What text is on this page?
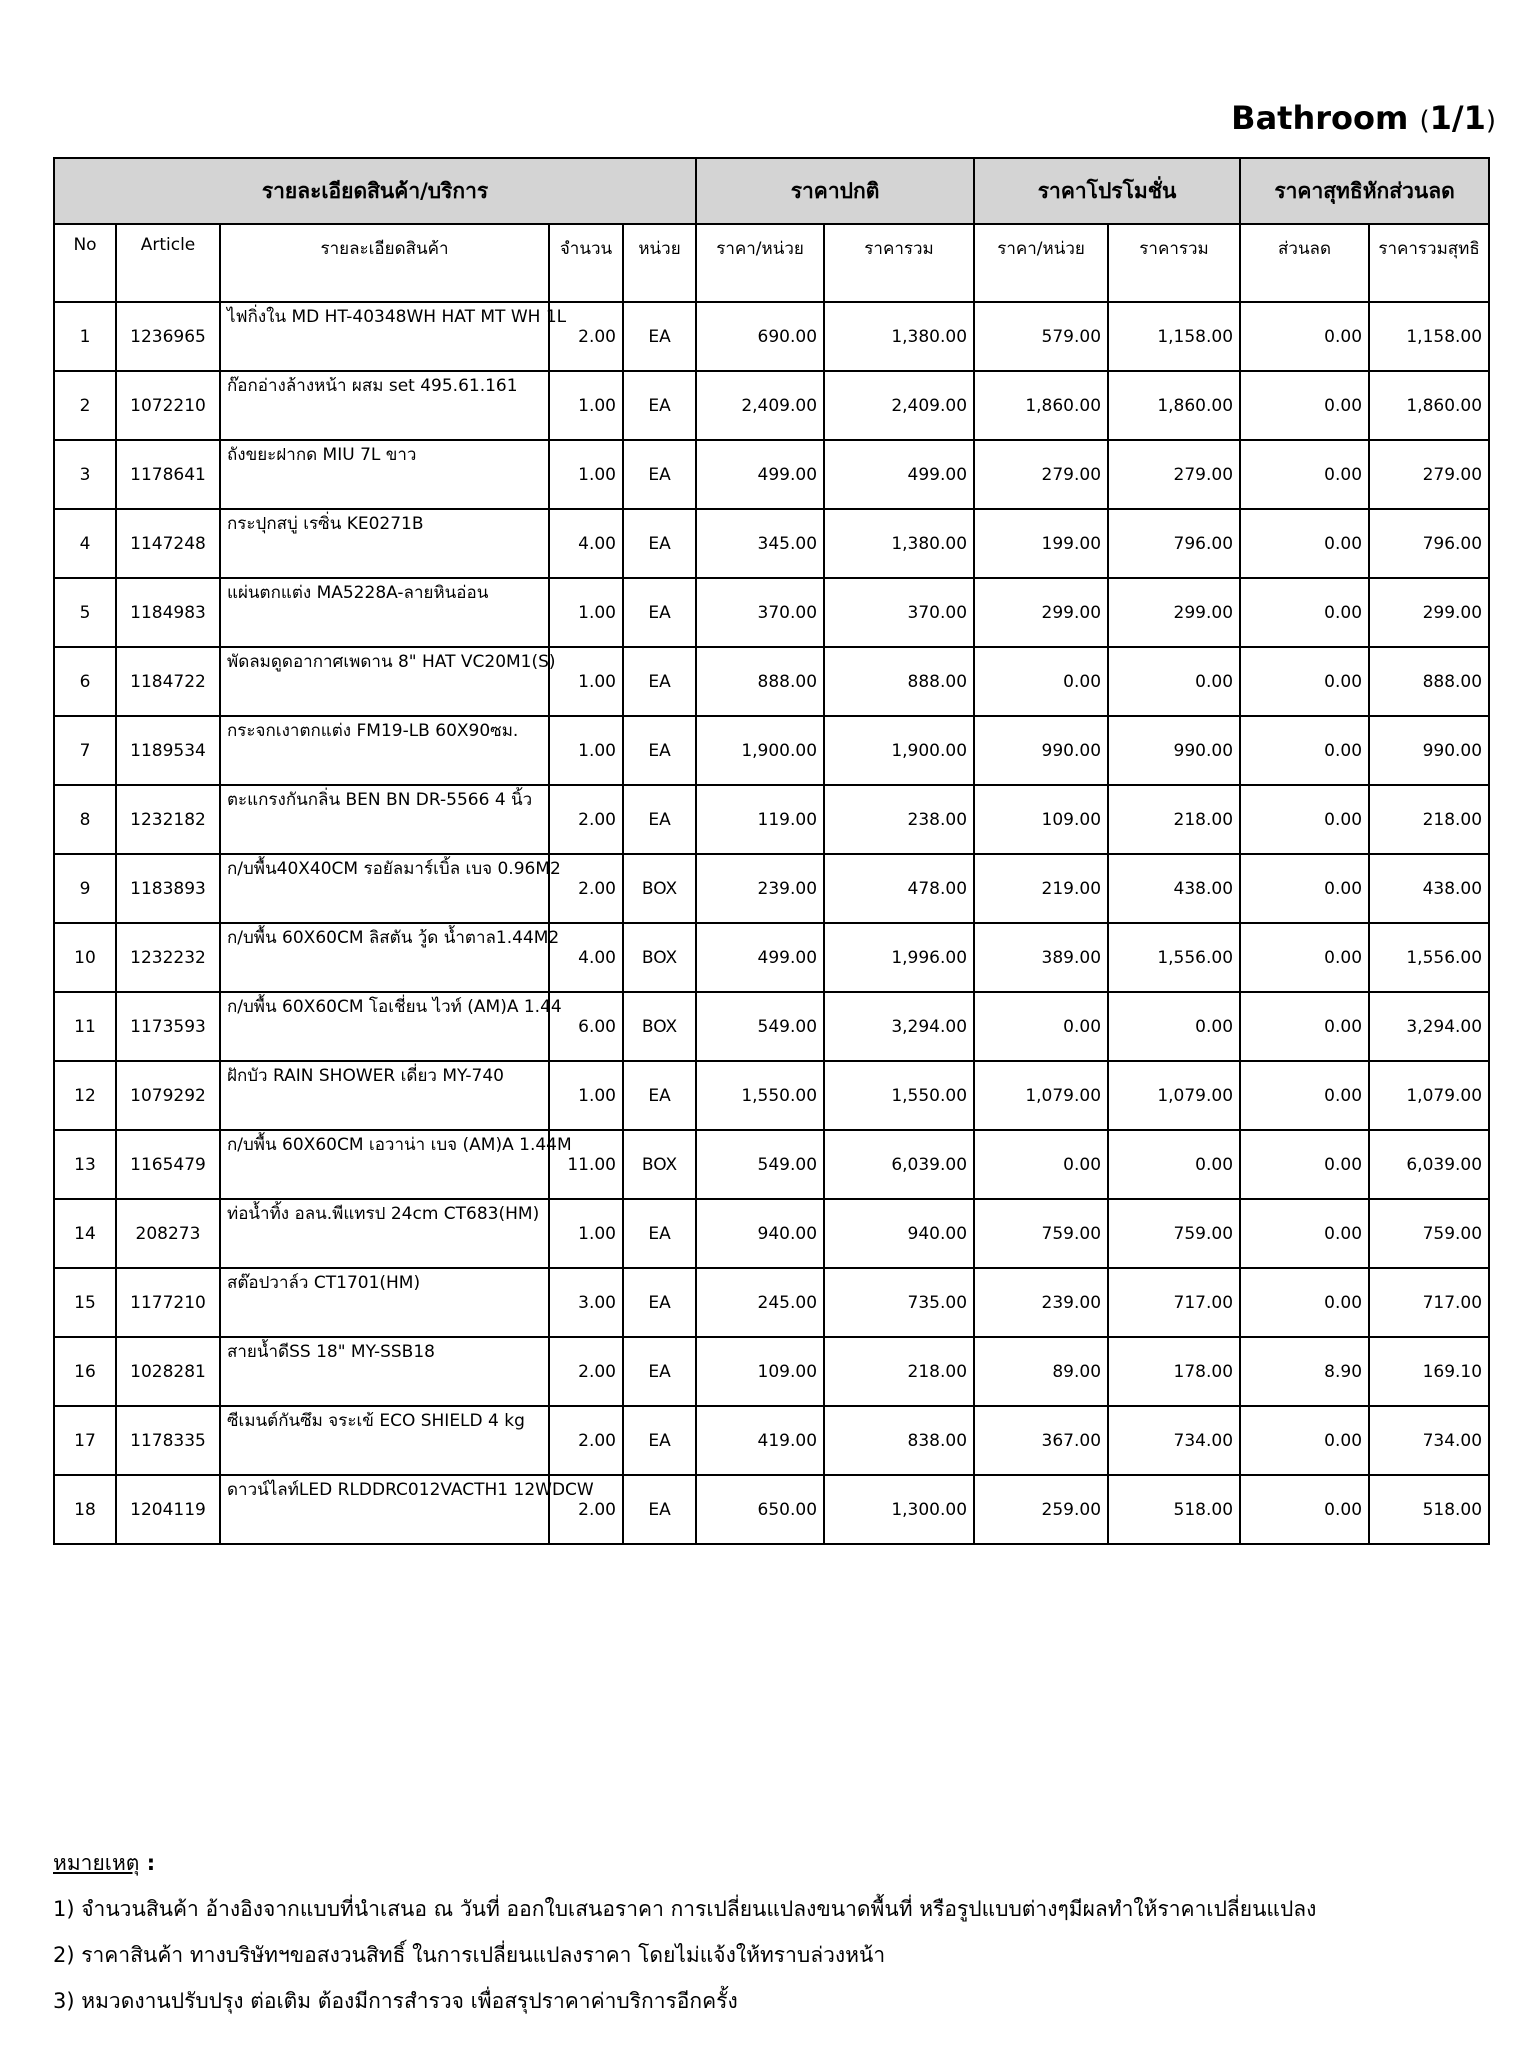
Bathroom (1/1)
รายละเอียดสินค้า/บริการ					ราคาปกติ		ราคาโปรโมชั่น		ราคาสุทธิหักส่วนลด	
No	Article	รายละเอียดสินค้า	จำนวน	หน่วย	ราคา/หน่วย	ราคารวม	ราคา/หน่วย	ราคารวม	ส่วนลด	ราคารวมสุทธิ
1	1236965	ไฟกิ่งใน MD HT-40348WH HAT MT WH 1L	2.00	EA	690.00	1,380.00	579.00	1,158.00	0.00	1,158.00
2	1072210	ก๊อกอ่างล้างหน้า ผสม set 495.61.161	1.00	EA	2,409.00	2,409.00	1,860.00	1,860.00	0.00	1,860.00
3	1178641	ถังขยะฝากด MIU 7L ขาว	1.00	EA	499.00	499.00	279.00	279.00	0.00	279.00
4	1147248	กระปุกสบู่ เรซิ่น KE0271B	4.00	EA	345.00	1,380.00	199.00	796.00	0.00	796.00
5	1184983	แผ่นตกแต่ง MA5228A-ลายหินอ่อน	1.00	EA	370.00	370.00	299.00	299.00	0.00	299.00
6	1184722	พัดลมดูดอากาศเพดาน 8" HAT VC20M1(S)	1.00	EA	888.00	888.00	0.00	0.00	0.00	888.00
7	1189534	กระจกเงาตกแต่ง FM19-LB 60X90ซม.	1.00	EA	1,900.00	1,900.00	990.00	990.00	0.00	990.00
8	1232182	ตะแกรงกันกลิ่น BEN BN DR-5566 4 นิ้ว	2.00	EA	119.00	238.00	109.00	218.00	0.00	218.00
9	1183893	ก/บพื้น40X40CM รอยัลมาร์เบิ้ล เบจ 0.96M2	2.00	BOX	239.00	478.00	219.00	438.00	0.00	438.00
10	1232232	ก/บพื้น 60X60CM ลิสตัน วู้ด น้ำตาล1.44M2	4.00	BOX	499.00	1,996.00	389.00	1,556.00	0.00	1,556.00
11	1173593	ก/บพื้น 60X60CM โอเชี่ยน ไวท์ (AM)A 1.44	6.00	BOX	549.00	3,294.00	0.00	0.00	0.00	3,294.00
12	1079292	ฝักบัว RAIN SHOWER เดี่ยว MY-740	1.00	EA	1,550.00	1,550.00	1,079.00	1,079.00	0.00	1,079.00
13	1165479	ก/บพื้น 60X60CM เอวาน่า เบจ (AM)A 1.44M	11.00	BOX	549.00	6,039.00	0.00	0.00	0.00	6,039.00
14	208273	ท่อน้ำทิ้ง อลน.พีแทรป 24cm CT683(HM)	1.00	EA	940.00	940.00	759.00	759.00	0.00	759.00
15	1177210	สต๊อปวาล์ว CT1701(HM)	3.00	EA	245.00	735.00	239.00	717.00	0.00	717.00
16	1028281	สายน้ำดีSS 18" MY-SSB18	2.00	EA	109.00	218.00	89.00	178.00	8.90	169.10
17	1178335	ซีเมนต์กันซึม จระเข้ ECO SHIELD 4 kg	2.00	EA	419.00	838.00	367.00	734.00	0.00	734.00
18	1204119	ดาวน์ไลท์LED RLDDRC012VACTH1 12WDCW	2.00	EA	650.00	1,300.00	259.00	518.00	0.00	518.00
หมายเหตุ :
1) จำนวนสินค้า อ้างอิงจากแบบที่นำเสนอ ณ วันที่ ออกใบเสนอราคา การเปลี่ยนแปลงขนาดพื้นที่ หรือรูปแบบต่างๆมีผลทำให้ราคาเปลี่ยนแปลง
2) ราคาสินค้า ทางบริษัทฯขอสงวนสิทธิ์ ในการเปลี่ยนแปลงราคา โดยไม่แจ้งให้ทราบล่วงหน้า
3) หมวดงานปรับปรุง ต่อเติม ต้องมีการสำรวจ เพื่อสรุปราคาค่าบริการอีกครั้ง
